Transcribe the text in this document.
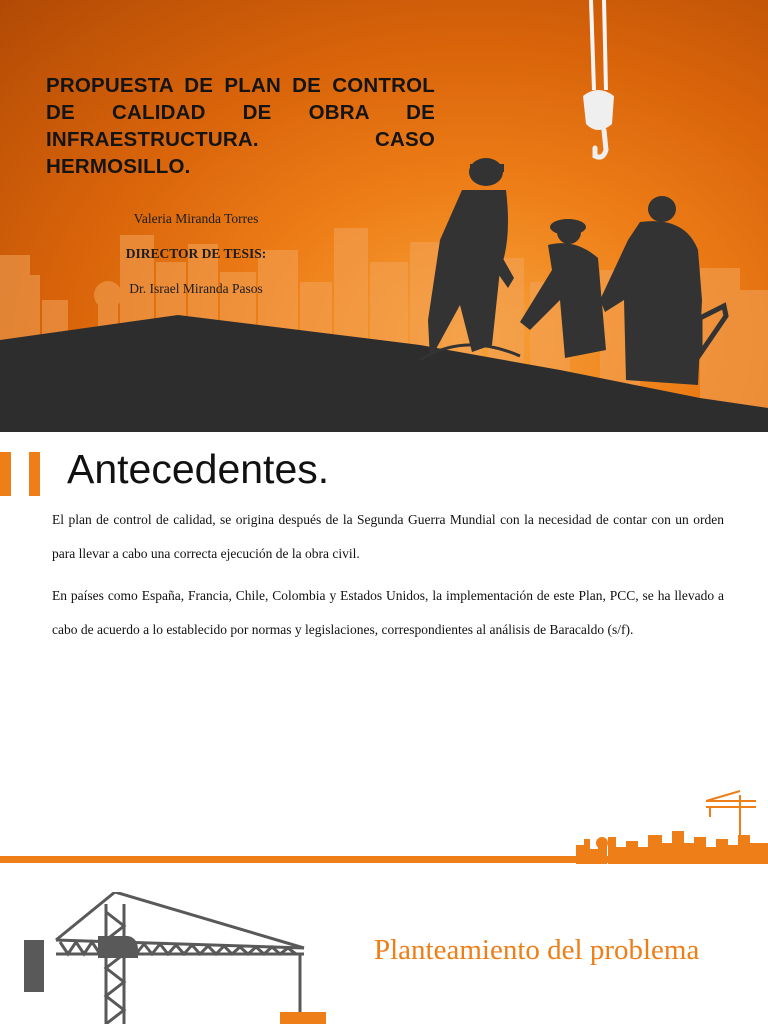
PROPUESTA DE PLAN DE CONTROL DE CALIDAD DE OBRA DE INFRAESTRUCTURA. CASO HERMOSILLO.

Valeria Miranda Torres

DIRECTOR DE TESIS:

Dr. Israel Miranda Pasos

Antecedentes.

El plan de control de calidad, se origina después de la Segunda Guerra Mundial con la necesidad de contar con un orden para llevar a cabo una correcta ejecución de la obra civil.

En países como España, Francia, Chile, Colombia y Estados Unidos, la implementación de este Plan, PCC, se ha llevado a cabo de acuerdo a lo establecido por normas y legislaciones, correspondientes al análisis de Baracaldo (s/f).

Planteamiento del problema
